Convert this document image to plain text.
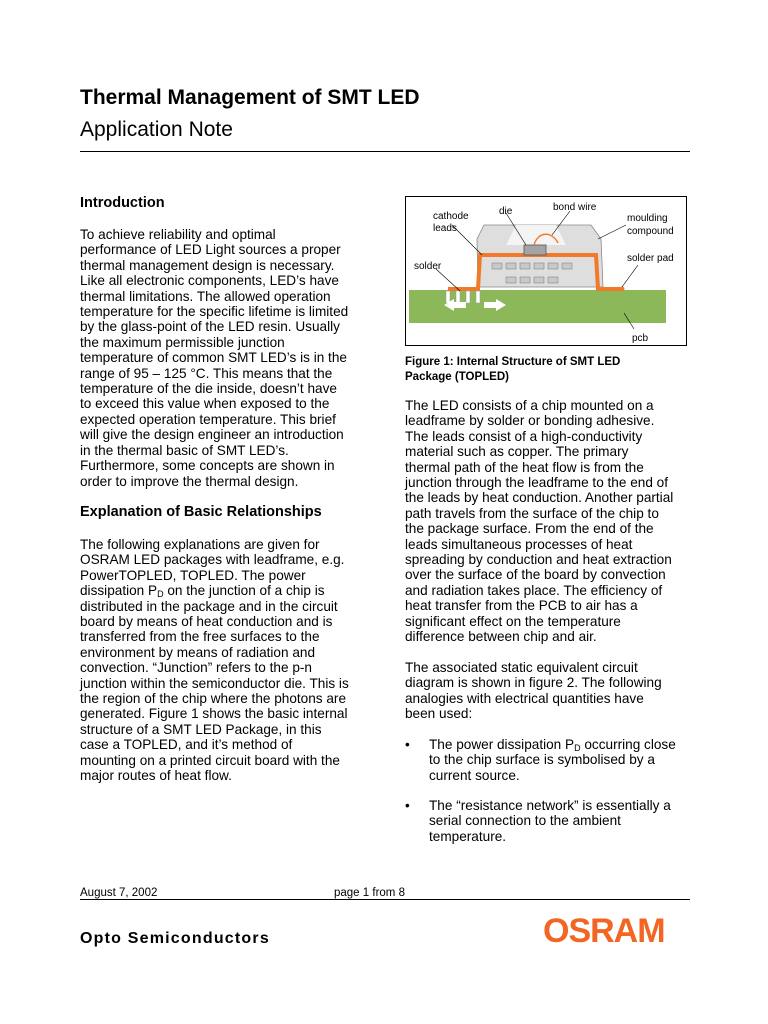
Thermal Management of SMT LED
Application Note
Introduction
To achieve reliability and optimal
performance of LED Light sources a proper
thermal management design is necessary.
Like all electronic components, LED’s have
thermal limitations. The allowed operation
temperature for the specific lifetime is limited
by the glass-point of the LED resin. Usually
the maximum permissible junction
temperature of common SMT LED’s is in the
range of 95 – 125 °C. This means that the
temperature of the die inside, doesn’t have
to exceed this value when exposed to the
expected operation temperature. This brief
will give the design engineer an introduction
in the thermal basic of SMT LED’s.
Furthermore, some concepts are shown in
order to improve the thermal design.
Explanation of Basic Relationships
The following explanations are given for
OSRAM LED packages with leadframe, e.g.
PowerTOPLED, TOPLED. The power
dissipation $P_D$ on the junction of a chip is
distributed in the package and in the circuit
board by means of heat conduction and is
transferred from the free surfaces to the
environment by means of radiation and
convection. “Junction” refers to the p-n
junction within the semiconductor die. This is
the region of the chip where the photons are
generated. Figure 1 shows the basic internal
structure of a SMT LED Package, in this
case a TOPLED, and it’s method of
mounting on a printed circuit board with the
major routes of heat flow.
cathode
leads
die	bond wire
moulding
compound
solder pad
solder
pcb
Figure 1: Internal Structure of SMT LED
Package (TOPLED)
The LED consists of a chip mounted on a
leadframe by solder or bonding adhesive.
The leads consist of a high-conductivity
material such as copper. The primary
thermal path of the heat flow is from the
junction through the leadframe to the end of
the leads by heat conduction. Another partial
path travels from the surface of the chip to
the package surface. From the end of the
leads simultaneous processes of heat
spreading by conduction and heat extraction
over the surface of the board by convection
and radiation takes place. The efficiency of
heat transfer from the PCB to air has a
significant effect on the temperature
difference between chip and air.
The associated static equivalent circuit
diagram is shown in figure 2. The following
analogies with electrical quantities have
been used:
• The power dissipation $P_D$ occurring close
to the chip surface is symbolised by a
current source.
• The “resistance network” is essentially a
serial connection to the ambient
temperature.
August 7, 2002	page 1 from 8
Opto Semiconductors	OSRAM
